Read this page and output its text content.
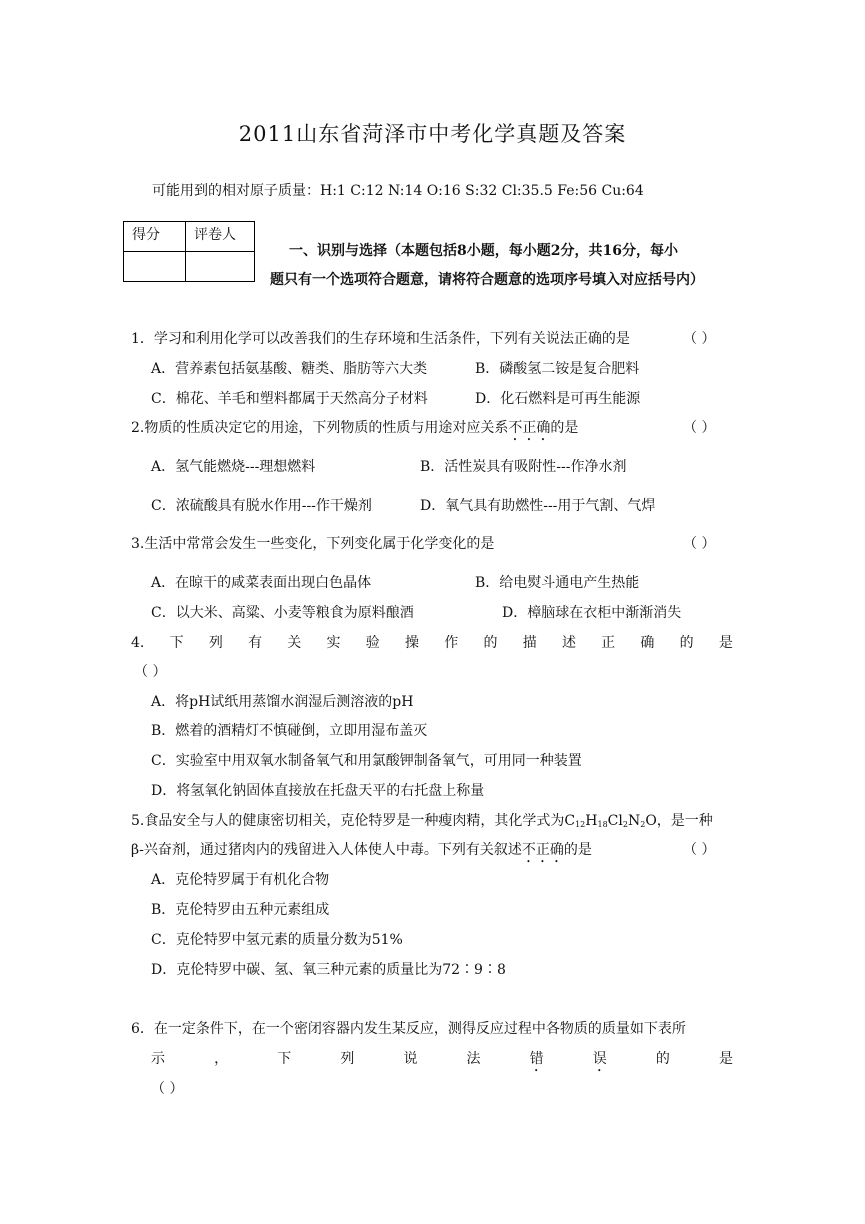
2011山东省菏泽市中考化学真题及答案
可能用到的相对原子质量：H:1 C:12 N:14 O:16 S:32 Cl:35.5 Fe:56 Cu:64
得分	评卷人

一、识别与选择（本题包括8小题，每小题2分，共16分，每小
题只有一个选项符合题意，请将符合题意的选项序号填入对应括号内）
1．学习和利用化学可以改善我们的生存环境和生活条件，下列有关说法正确的是	（ ）
A．营养素包括氨基酸、糖类、脂肪等六大类	B．磷酸氢二铵是复合肥料
C．棉花、羊毛和塑料都属于天然高分子材料	D．化石燃料是可再生能源
2.物质的性质决定它的用途，下列物质的性质与用途对应关系不正确的是	（ ）
A．氢气能燃烧---理想燃料	B．活性炭具有吸附性---作净水剂
C．浓硫酸具有脱水作用---作干燥剂	D．氧气具有助燃性---用于气割、气焊
3.生活中常常会发生一些变化，下列变化属于化学变化的是	（ ）
A．在晾干的咸菜表面出现白色晶体	B．给电熨斗通电产生热能
C．以大米、高粱、小麦等粮食为原料酿酒	D．樟脑球在衣柜中渐渐消失
4. 下 列 有 关 实 验 操 作 的 描 述 正 确 的 是
（ ）
A．将pH试纸用蒸馏水润湿后测溶液的pH
B．燃着的酒精灯不慎碰倒，立即用湿布盖灭
C．实验室中用双氧水制备氧气和用氯酸钾制备氧气，可用同一种装置
D．将氢氧化钠固体直接放在托盘天平的右托盘上称量
5.食品安全与人的健康密切相关，克伦特罗是一种瘦肉精，其化学式为$C_{12}H_{18}Cl_2N_2O$，是一种
β-兴奋剂，通过猪肉内的残留进入人体使人中毒。下列有关叙述不正确的是	（ ）
A．克伦特罗属于有机化合物
B．克伦特罗由五种元素组成
C．克伦特罗中氢元素的质量分数为51%
D．克伦特罗中碳、氢、氧三种元素的质量比为72∶9∶8
6．在一定条件下，在一个密闭容器内发生某反应，测得反应过程中各物质的质量如下表所
示	，	下	列	说	法	错	误	的	是
（ ）
